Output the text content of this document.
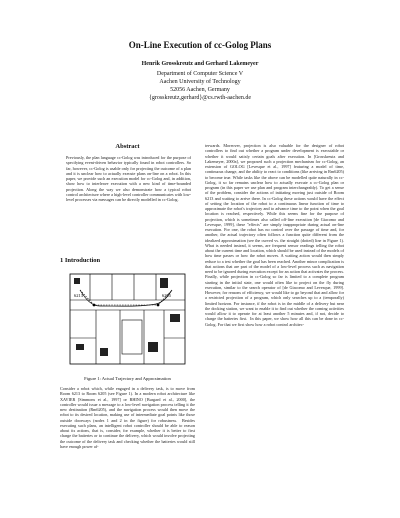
On-Line Execution of cc-Golog Plans
Henrik Grosskreutz and Gerhard Lakemeyer
Department of Computer Science V
Aachen University of Technology
52056 Aachen, Germany
{grosskreutz,gerhard}@cs.rwth-aachen.de
Abstract
Previously, the plan language cc-Golog was introduced for the purpose of specifying event-driven behavior typically found in robot controllers. So far, however, cc-Golog is usable only for projecting the outcome of a plan and it is unclear how to actually execute plans on-line on a robot. In this paper, we provide such an execution model for cc-Golog and, in addition, show how to interleave execution with a new kind of time-bounded projection. Along the way we also demonstrate how a typical robot control architecture where a high-level controller communicates with low-level processes via messages can be directly modelled in cc-Golog.
1 Introduction
6213	6205
Figure 1: Actual Trajectory and Approximation
Consider a robot which, while engaged in a delivery task, is to move from Room 6213 to Room 6205 (see Figure 1). In a modern robot architecture like XAVIER [Simmons et al., 1997] or RHINO [Burgard et al., 2000], the controller would issue a message to a low-level navigation process telling it the new destination (Rm6205), and the navigation process would then move the robot to its desired location, making use of intermediate goal points like those outside doorways (nodes 1 and 2 in the figure) for robustness.  Besides executing such plans, an intelligent robot controller should be able to reason about its actions, that is, consider, for example, whether it is better to first charge the batteries or to continue the delivery, which would involve projecting the outcome of the delivery task and checking whether the batteries would still have enough power af-
terwards. Moreover, projection is also valuable for the designer of robot controllers to find out whether a program under development is executable or whether it would satisfy certain goals after execution. In [Grosskreutz and Lakemeyer, 2000a], we proposed such a projection mechanism for cc-Golog, an extension of GOLOG [Levesque et al., 1997] featuring a model of time, continuous change, and the ability to react to conditions (like arriving in Rm6205) to become true. While tasks like the above can be modelled quite naturally in cc-Golog, it so far remains unclear how to actually execute a cc-Golog plan or program (in this paper we use plan and program interchangeably). To get a sense of the problem, consider the actions of initiating moving just outside of Room 6213 and waiting to arrive there. In cc-Golog these actions would have the effect of setting the location of the robot to a continuous linear function of time to approximate the robot's trajectory and to advance time to the point when the goal location is reached, respectively. While this seems fine for the purpose of projection, which is sometimes also called off-line execution [de Giacomo and Levesque, 1999], these "effects" are simply inappropriate during actual on-line execution. For one, the robot has no control over the passage of time and, for another, the actual trajectory often follows a function quite different from the idealized approximation (see the curved vs. the straight (dotted) line in Figure 1). What is needed instead, it seems, are frequent sensor readings telling the robot about the current time and location, which should be used instead of the models of how time passes or how the robot moves. A waiting action would then simply reduce to a test whether the goal has been reached. Another minor complication is that actions that are part of the model of a low-level process such as navigation need to be ignored during execution except for an action that activates the process. Finally, while projection in cc-Golog so far is limited to a complete program starting in the initial state, one would often like to project on the fly during execution, similar to the search operator of [de Giacomo and Levesque, 1999]. However, for reasons of efficiency, we would like to go beyond that and allow for a restricted projection of a program, which only searches up to a (temporally) limited horizon. For instance, if the robot is in the middle of a delivery but near the docking station, we want to enable it to find out whether the coming activities would allow it to operate for at least another 5 minutes and, if not, decide to charge the batteries first.  In this paper, we show how all this can be done in cc-Golog. For that we first show how a robot control architec-
